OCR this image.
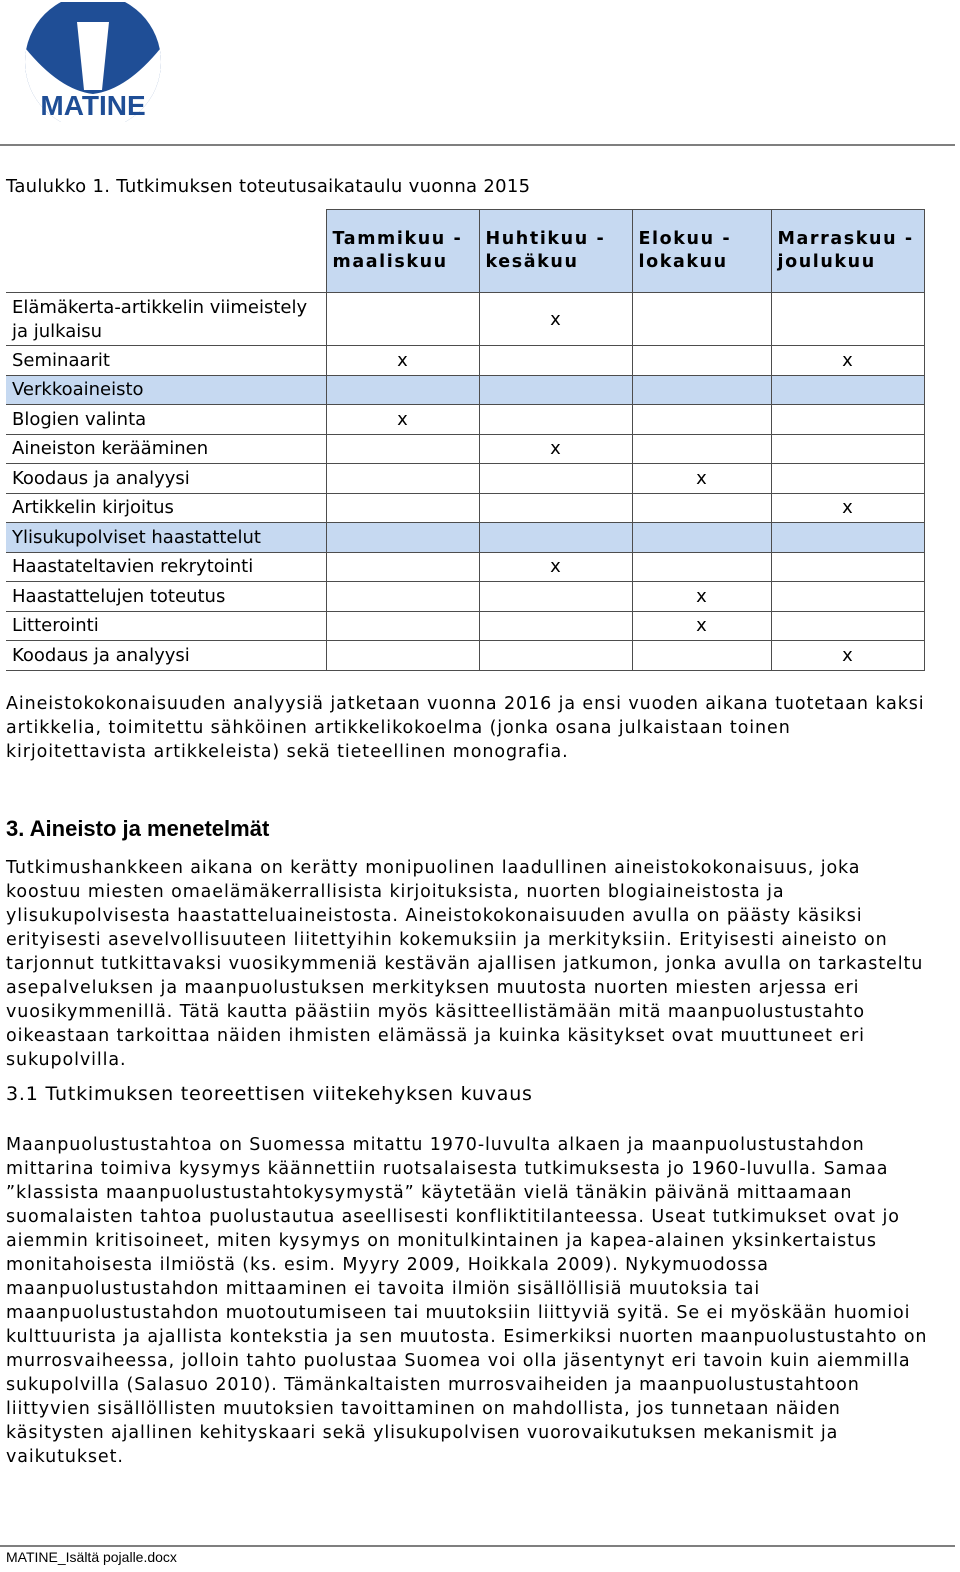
MATINE
Taulukko 1. Tutkimuksen toteutusaikataulu vuonna 2015
	Tammikuu - maaliskuu	Huhtikuu - kesäkuu	Elokuu - lokakuu	Marraskuu - joulukuu
Elämäkerta-artikkelin viimeistely ja julkaisu		x		
Seminaarit	x			x
Verkkoaineisto				
Blogien valinta	x			
Aineiston kerääminen		x		
Koodaus ja analyysi			x	
Artikkelin kirjoitus				x
Ylisukupolviset haastattelut				
Haastateltavien rekrytointi		x		
Haastattelujen toteutus			x	
Litterointi			x	
Koodaus ja analyysi				x
Aineistokokonaisuuden analyysiä jatketaan vuonna 2016 ja ensi vuoden aikana tuotetaan kaksi artikkelia, toimitettu sähköinen artikkelikokoelma (jonka osana julkaistaan toinen kirjoitettavista artikkeleista) sekä tieteellinen monografia.
3. Aineisto ja menetelmät
Tutkimushankkeen aikana on kerätty monipuolinen laadullinen aineistokokonaisuus, joka koostuu miesten omaelämäkerrallisista kirjoituksista, nuorten blogiaineistosta ja ylisukupolvisesta haastatteluaineistosta. Aineistokokonaisuuden avulla on päästy käsiksi erityisesti asevelvollisuuteen liitettyihin kokemuksiin ja merkityksiin. Erityisesti aineisto on tarjonnut tutkittavaksi vuosikymmeniä kestävän ajallisen jatkumon, jonka avulla on tarkasteltu asepalveluksen ja maanpuolustuksen merkityksen muutosta nuorten miesten arjessa eri vuosikymmenillä. Tätä kautta päästiin myös käsitteellistämään mitä maanpuolustustahto oikeastaan tarkoittaa näiden ihmisten elämässä ja kuinka käsitykset ovat muuttuneet eri sukupolvilla.
3.1 Tutkimuksen teoreettisen viitekehyksen kuvaus
Maanpuolustustahtoa on Suomessa mitattu 1970-luvulta alkaen ja maanpuolustustahdon mittarina toimiva kysymys käännettiin ruotsalaisesta tutkimuksesta jo 1960-luvulla. Samaa ”klassista maanpuolustustahtokysymystä” käytetään vielä tänäkin päivänä mittaamaan suomalaisten tahtoa puolustautua aseellisesti konfliktitilanteessa. Useat tutkimukset ovat jo aiemmin kritisoineet, miten kysymys on monitulkintainen ja kapea-alainen yksinkertaistus monitahoisesta ilmiöstä (ks. esim. Myyry 2009, Hoikkala 2009). Nykymuodossa maanpuolustustahdon mittaaminen ei tavoita ilmiön sisällöllisiä muutoksia tai maanpuolustustahdon muotoutumiseen tai muutoksiin liittyviä syitä. Se ei myöskään huomioi kulttuurista ja ajallista kontekstia ja sen muutosta. Esimerkiksi nuorten maanpuolustustahto on murrosvaiheessa, jolloin tahto puolustaa Suomea voi olla jäsentynyt eri tavoin kuin aiemmilla sukupolvilla (Salasuo 2010). Tämänkaltaisten murrosvaiheiden ja maanpuolustustahtoon liittyvien sisällöllisten muutoksien tavoittaminen on mahdollista, jos tunnetaan näiden käsitysten ajallinen kehityskaari sekä ylisukupolvisen vuorovaikutuksen mekanismit ja vaikutukset.
MATINE_Isältä pojalle.docx
